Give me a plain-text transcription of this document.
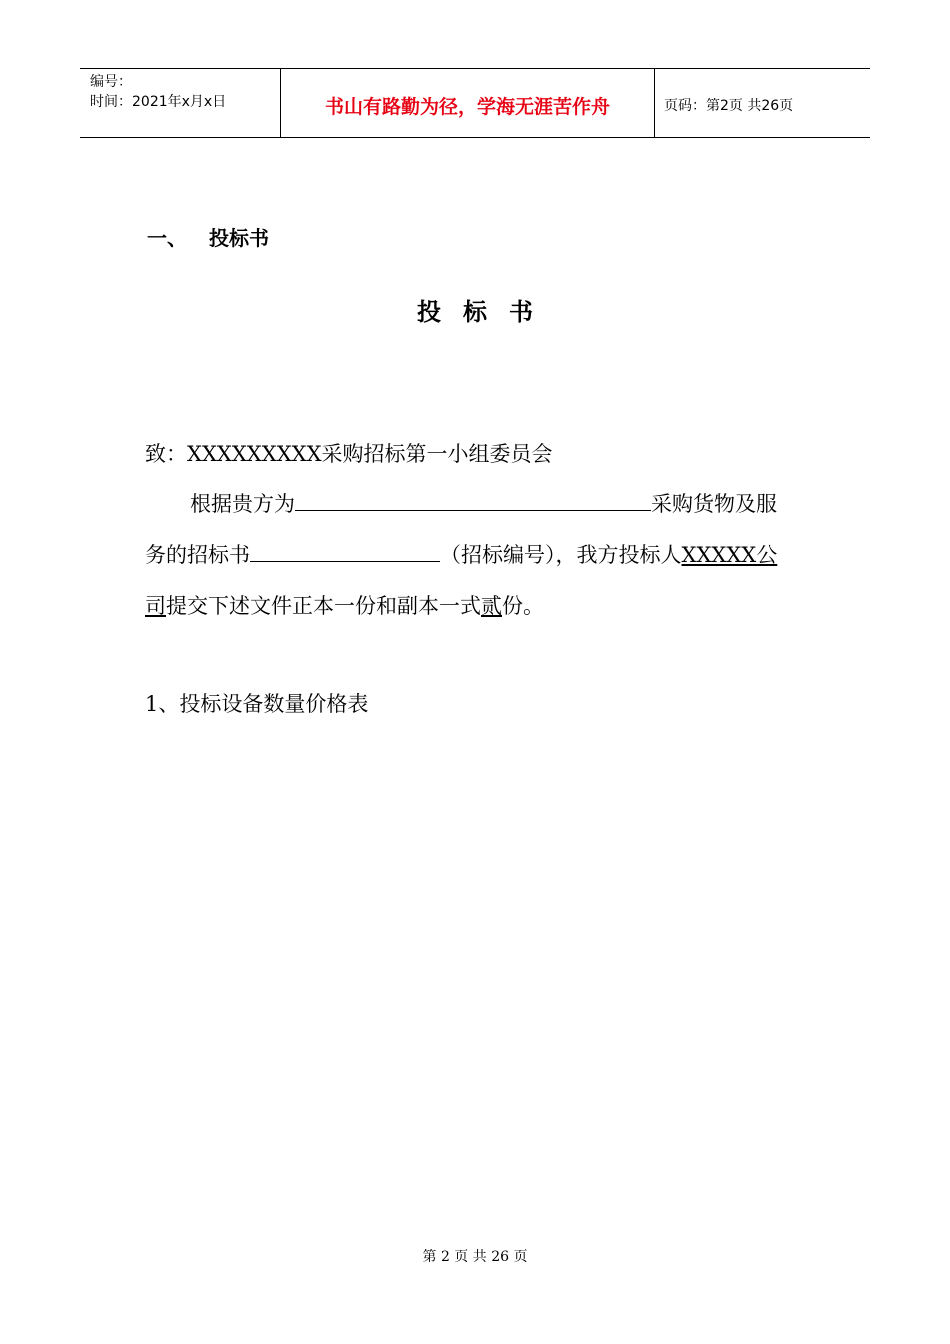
编号：
时间：2021年x月x日	书山有路勤为径，学海无涯苦作舟	页码：第2页 共26页
一、 投标书
投标书
致：XXXXXXXXX采购招标第一小组委员会
根据贵方为	采购货物及服
务的招标书	（招标编号），我方投标人XXXXX公
司提交下述文件正本一份和副本一式贰份。
1、投标设备数量价格表
第 2 页 共 26 页
